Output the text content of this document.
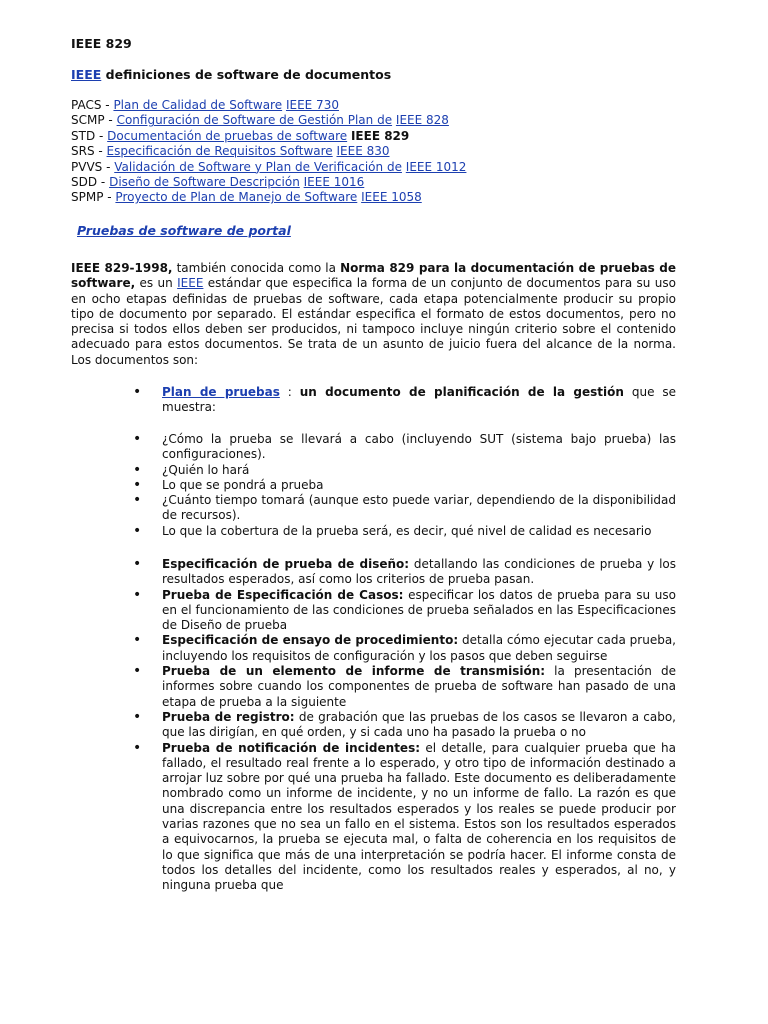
IEEE 829
IEEE definiciones de software de documentos
PACS - Plan de Calidad de Software IEEE 730
SCMP - Configuración de Software de Gestión Plan de IEEE 828
STD - Documentación de pruebas de software IEEE 829
SRS - Especificación de Requisitos Software IEEE 830
PVVS - Validación de Software y Plan de Verificación de IEEE 1012
SDD - Diseño de Software Descripción IEEE 1016
SPMP - Proyecto de Plan de Manejo de Software IEEE 1058
Pruebas de software de portal
IEEE 829-1998, también conocida como la Norma 829 para la documentación de pruebas de software, es un IEEE estándar que especifica la forma de un conjunto de documentos para su uso en ocho etapas definidas de pruebas de software, cada etapa potencialmente producir su propio tipo de documento por separado. El estándar especifica el formato de estos documentos, pero no precisa si todos ellos deben ser producidos, ni tampoco incluye ningún criterio sobre el contenido adecuado para estos documentos. Se trata de un asunto de juicio fuera del alcance de la norma. Los documentos son:
• Plan de pruebas : un documento de planificación de la gestión que se muestra:
• ¿Cómo la prueba se llevará a cabo (incluyendo SUT (sistema bajo prueba) las configuraciones).
• ¿Quién lo hará
• Lo que se pondrá a prueba
• ¿Cuánto tiempo tomará (aunque esto puede variar, dependiendo de la disponibilidad de recursos).
• Lo que la cobertura de la prueba será, es decir, qué nivel de calidad es necesario
• Especificación de prueba de diseño: detallando las condiciones de prueba y los resultados esperados, así como los criterios de prueba pasan.
• Prueba de Especificación de Casos: especificar los datos de prueba para su uso en el funcionamiento de las condiciones de prueba señalados en las Especificaciones de Diseño de prueba
• Especificación de ensayo de procedimiento: detalla cómo ejecutar cada prueba, incluyendo los requisitos de configuración y los pasos que deben seguirse
• Prueba de un elemento de informe de transmisión: la presentación de informes sobre cuando los componentes de prueba de software han pasado de una etapa de prueba a la siguiente
• Prueba de registro: de grabación que las pruebas de los casos se llevaron a cabo, que las dirigían, en qué orden, y si cada uno ha pasado la prueba o no
• Prueba de notificación de incidentes: el detalle, para cualquier prueba que ha fallado, el resultado real frente a lo esperado, y otro tipo de información destinado a arrojar luz sobre por qué una prueba ha fallado. Este documento es deliberadamente nombrado como un informe de incidente, y no un informe de fallo. La razón es que una discrepancia entre los resultados esperados y los reales se puede producir por varias razones que no sea un fallo en el sistema. Estos son los resultados esperados a equivocarnos, la prueba se ejecuta mal, o falta de coherencia en los requisitos de lo que significa que más de una interpretación se podría hacer. El informe consta de todos los detalles del incidente, como los resultados reales y esperados, al no, y ninguna prueba que
